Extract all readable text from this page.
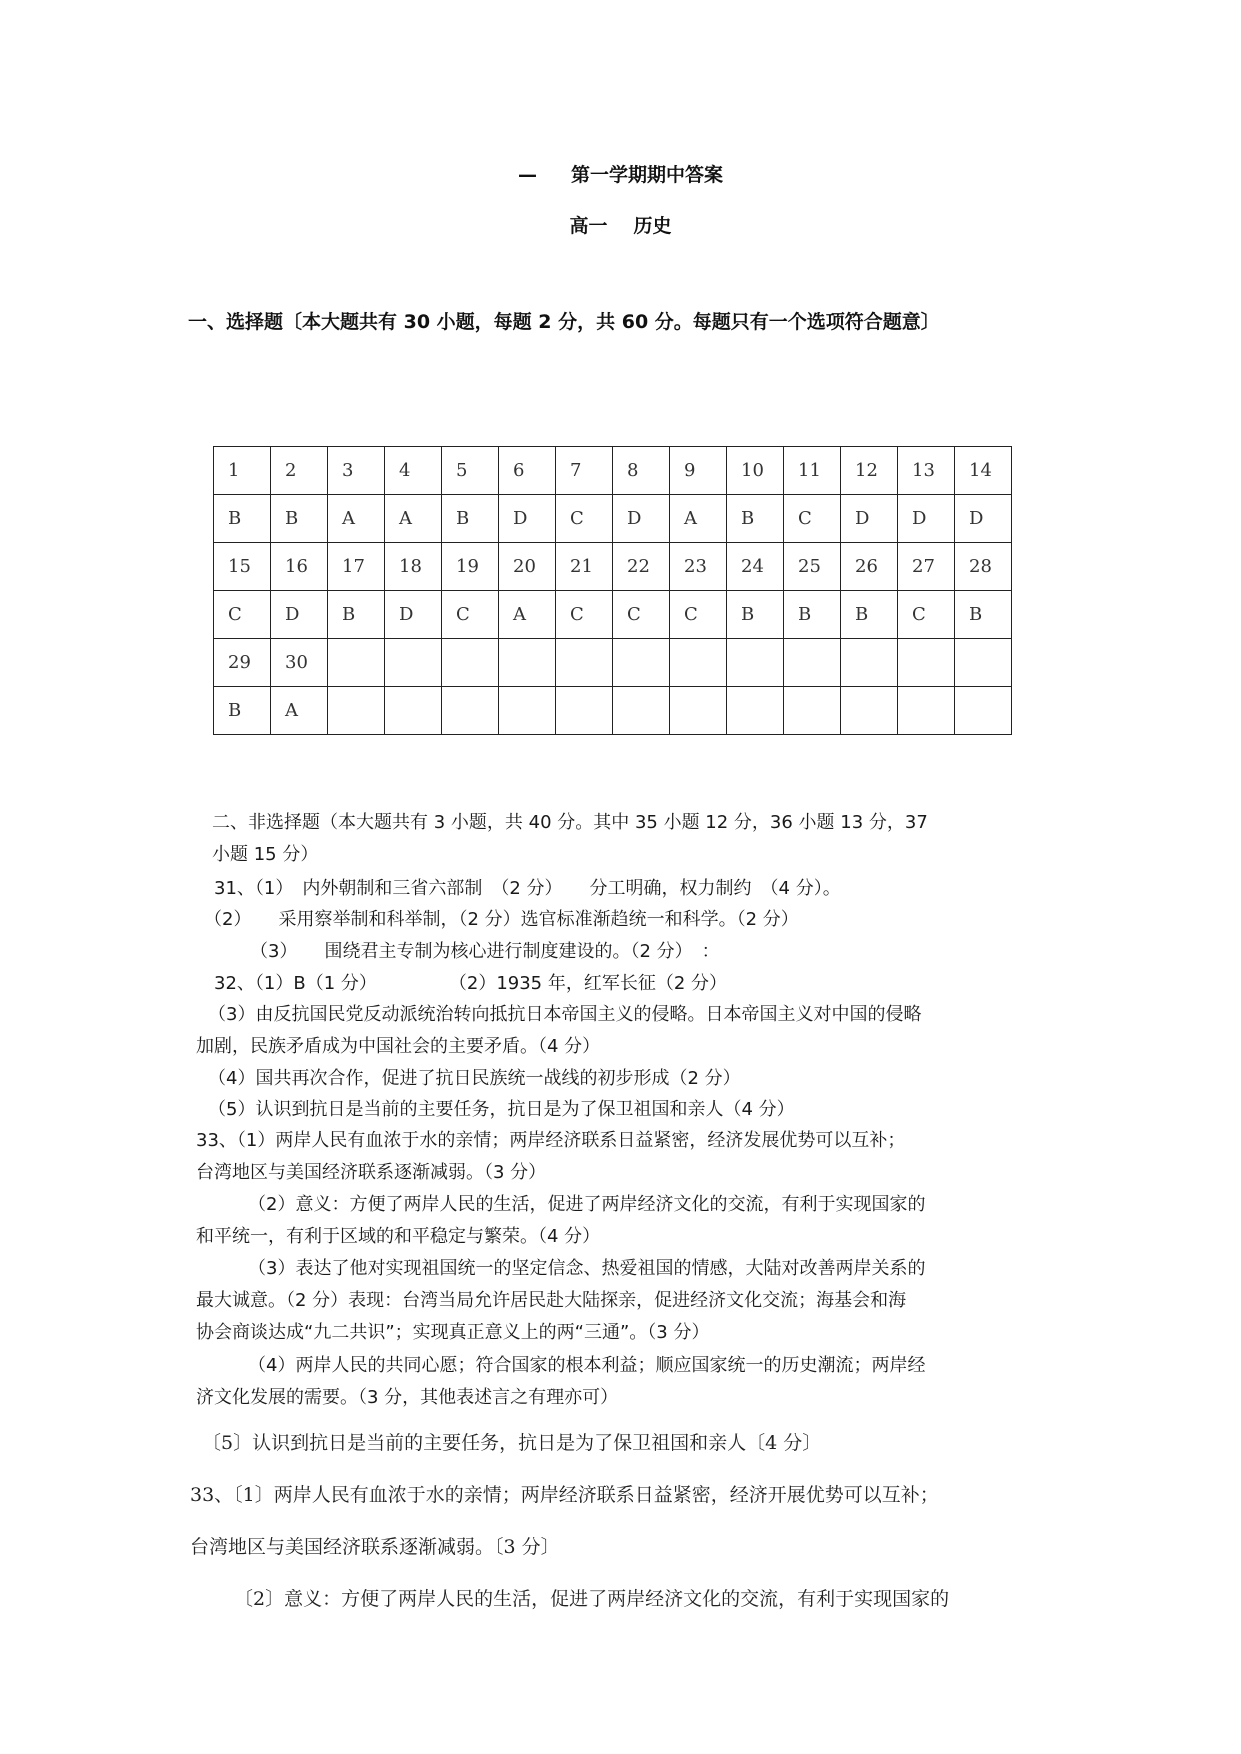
— 第一学期期中答案
高一 历史
一、选择题〔本大题共有 30 小题，每题 2 分，共 60 分。每题只有一个选项符合题意〕
1	2	3	4	5	6	7	8	9	10	11	12	13	14
B	B	A	A	B	D	C	D	A	B	C	D	D	D
15	16	17	18	19	20	21	22	23	24	25	26	27	28
C	D	B	D	C	A	C	C	C	B	B	B	C	B
29	30												
B	A												
二、非选择题（本大题共有 3 小题，共 40 分。其中 35 小题 12 分，36 小题 13 分，37
小题 15 分）
31、（1）　内外朝制和三省六部制　（2 分）　　分工明确，权力制约　（4 分）。
（2）　　采用察举制和科举制，（2 分）选官标准渐趋统一和科学。（2 分）
（3）　　围绕君主专制为核心进行制度建设的。（2 分）　：
32、（1）B（1 分）　　　　　（2）1935 年，红军长征（2 分）
（3）由反抗国民党反动派统治转向抵抗日本帝国主义的侵略。日本帝国主义对中国的侵略
加剧，民族矛盾成为中国社会的主要矛盾。（4 分）
（4）国共再次合作，促进了抗日民族统一战线的初步形成（2 分）
（5）认识到抗日是当前的主要任务，抗日是为了保卫祖国和亲人（4 分）
33、（1）两岸人民有血浓于水的亲情；两岸经济联系日益紧密，经济发展优势可以互补；
台湾地区与美国经济联系逐渐减弱。（3 分）
（2）意义：方便了两岸人民的生活，促进了两岸经济文化的交流，有利于实现国家的
和平统一，有利于区域的和平稳定与繁荣。（4 分）
（3）表达了他对实现祖国统一的坚定信念、热爱祖国的情感，大陆对改善两岸关系的
最大诚意。（2 分）表现：台湾当局允许居民赴大陆探亲，促进经济文化交流；海基会和海
协会商谈达成“九二共识”；实现真正意义上的两“三通”。（3 分）
（4）两岸人民的共同心愿；符合国家的根本利益；顺应国家统一的历史潮流；两岸经
济文化发展的需要。（3 分，其他表述言之有理亦可）
〔5〕认识到抗日是当前的主要任务，抗日是为了保卫祖国和亲人〔4 分〕
33、〔1〕两岸人民有血浓于水的亲情；两岸经济联系日益紧密，经济开展优势可以互补；
台湾地区与美国经济联系逐渐减弱。〔3 分〕
〔2〕意义：方便了两岸人民的生活，促进了两岸经济文化的交流，有利于实现国家的
